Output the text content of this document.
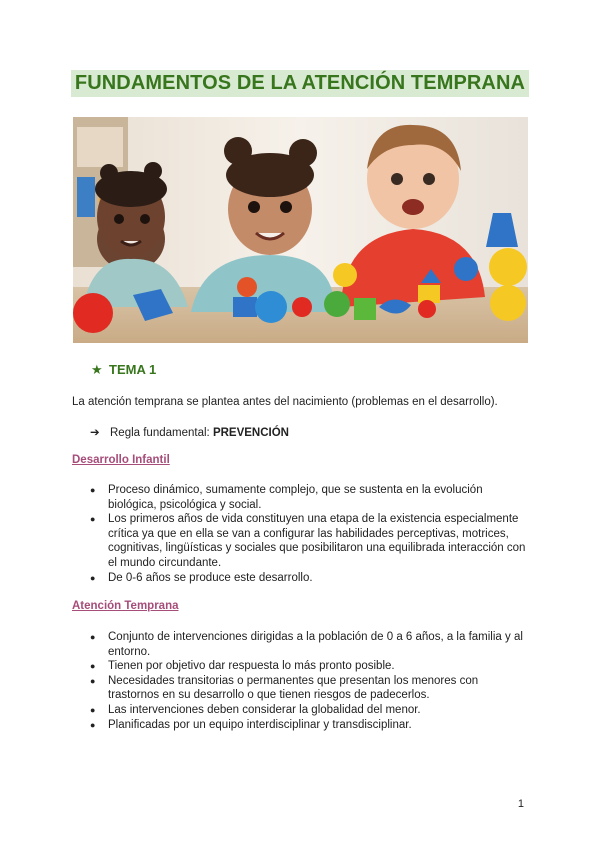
FUNDAMENTOS DE LA ATENCIÓN TEMPRANA
★ TEMA 1
La atención temprana se plantea antes del nacimiento (problemas en el desarrollo).
➔ Regla fundamental: PREVENCIÓN
Desarrollo Infantil
● Proceso dinámico, sumamente complejo, que se sustenta en la evolución biológica, psicológica y social.
● Los primeros años de vida constituyen una etapa de la existencia especialmente crítica ya que en ella se van a configurar las habilidades perceptivas, motrices, cognitivas, lingüísticas y sociales que posibilitaron una equilibrada interacción con el mundo circundante.
● De 0-6 años se produce este desarrollo.
Atención Temprana
● Conjunto de intervenciones dirigidas a la población de 0 a 6 años, a la familia y al entorno.
● Tienen por objetivo dar respuesta lo más pronto posible.
● Necesidades transitorias o permanentes que presentan los menores con trastornos en su desarrollo o que tienen riesgos de padecerlos.
● Las intervenciones deben considerar la globalidad del menor.
● Planificadas por un equipo interdisciplinar y transdisciplinar.
1
